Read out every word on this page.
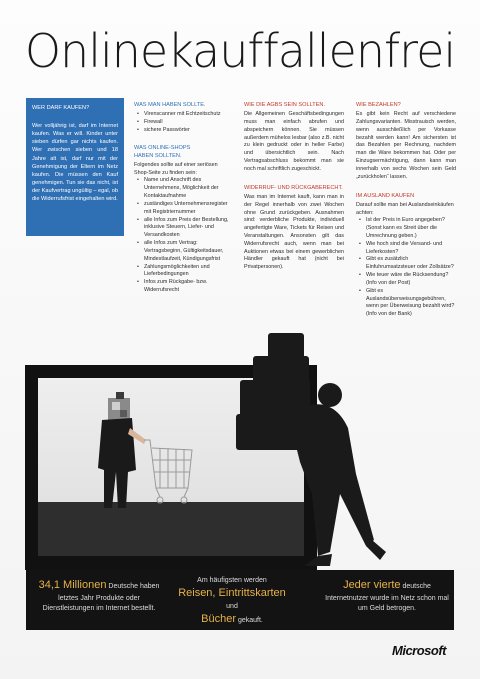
Onlinekauffallenfrei
WER DARF KAUFEN?
Wer volljährig ist, darf im Internet kaufen. Was er will. Kinder unter sieben dürfen gar nichts kaufen. Wer zwischen sieben und 18 Jahre alt ist, darf nur mit der Genehmigung der Eltern im Netz kaufen. Die müssen den Kauf genehmigen. Tun sie das nicht, ist der Kaufvertrag ungültig – egal, ob die Widerrufsfrist eingehalten wird.
WAS MAN HABEN SOLLTE.
• Virenscanner mit Echtzeitschutz
• Firewall
• sichere Passwörter
WAS ONLINE-SHOPS
HABEN SOLLTEN.

Folgendes sollte auf einer seriösen Shop-Seite zu finden sein:

• Name und Anschrift des Unternehmens, Möglichkeit der Kontaktaufnahme
• zuständiges Unternehmensregister mit Registriernummer
• alle Infos zum Preis der Bestellung, inklusive Steuern, Liefer- und Versandkosten
• alle Infos zum Vertrag: Vertragsbeginn, Gültigkeitsdauer, Mindestlaufzeit, Kündigungsfrist
• Zahlungsmöglichkeiten und Lieferbedingungen
• Infos zum Rückgabe- bzw. Widerrufsrecht
WIE DIE AGBS SEIN SOLLTEN.

Die Allgemeinen Geschäftsbedingungen muss man einfach abrufen und abspeichern können. Sie müssen außerdem mühelos lesbar (also z.B. nicht zu klein gedruckt oder in heller Farbe) und übersichtlich sein. Nach Vertragsabschluss bekommt man sie noch mal schriftlich zugeschickt.

WIDERRUF- UND RÜCKGABERECHT.

Was man im Internet kauft, kann man in der Regel innerhalb von zwei Wochen ohne Grund zurückgeben. Ausnahmen sind: verderbliche Produkte, individuell angefertigte Ware, Tickets für Reisen und Veranstaltungen. Ansonsten gilt das Widerrufsrecht auch, wenn man bei Auktionen etwas bei einem gewerblichen Händler gekauft hat (nicht bei Privatpersonen).

WIE BEZAHLEN?

Es gibt kein Recht auf verschiedene Zahlungsvarianten. Misstrauisch werden, wenn ausschließlich per Vorkasse bezahlt werden kann! Am sichersten ist das Bezahlen per Rechnung, nachdem man die Ware bekommen hat. Oder per Einzugsermächtigung, dann kann man innerhalb von sechs Wochen sein Geld „zurückholen“ lassen.

IM AUSLAND KAUFEN

Darauf sollte man bei Auslandseinkäufen achten:

• Ist der Preis in Euro angegeben? (Sonst kann es Streit über die Umrechnung geben.)
• Wie hoch sind die Versand- und Lieferkosten?
• Gibt es zusätzlich Einfuhrumsatzsteuer oder Zollsätze?
• Wie teuer wäre die Rücksendung? (Info von der Post)
• Gibt es Auslandsüberweisungsgebühren, wenn per Überweisung bezahlt wird? (Info von der Bank)
34,1 Millionen Deutsche haben letztes Jahr Produkte oder Dienstleistungen im Internet bestellt.
Am häufigsten werden
Reisen, Eintrittskarten und
Bücher gekauft.
Jeder vierte deutsche Internetnutzer wurde im Netz schon mal um Geld betrogen.
Microsoft
